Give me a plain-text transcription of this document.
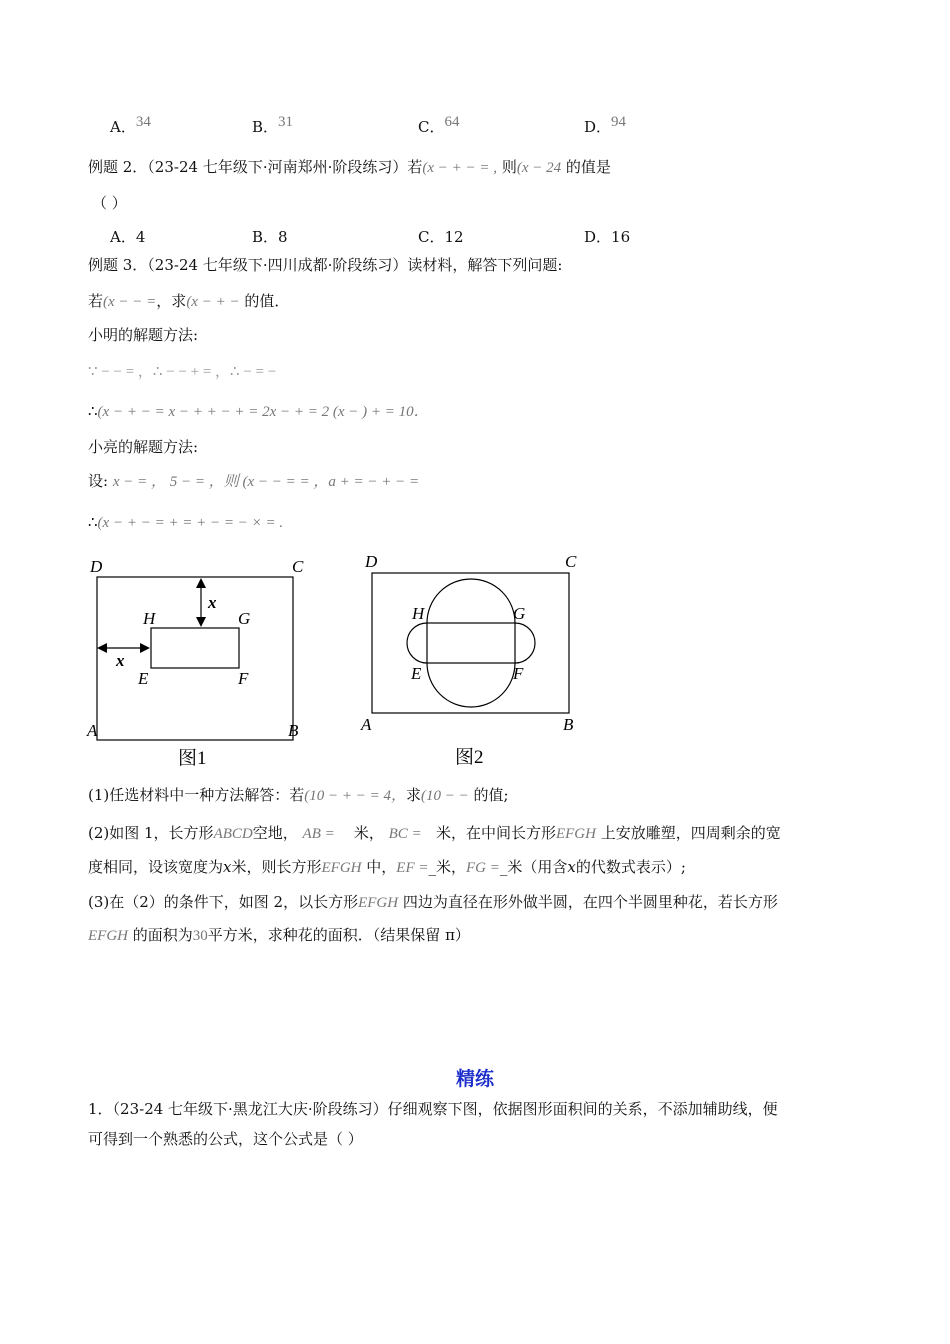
A．34	B．31	C．64	D．94
例题 2．（23-24 七年级下·河南郑州·阶段练习）若(x − + − = , 则(x − 24 的值是
（ ）
A．4	B．8	C．12	D．16
例题 3．（23-24 七年级下·四川成都·阶段练习）读材料，解答下列问题:
若(x − − =，求(x − + − 的值．
小明的解题方法:
∵ − − = ，∴ − − + = ，∴ − = −
∴(x − + − = x − + + − + = 2x − + = 2 (x − ) + = 10．
小亮的解题方法:
设: x − = ， 5 − = ，则 (x − − = = ，a + = − + − =
∴(x − + − = + = + − = − × = .
D	C
A	B
H	G
E	F
x
x
图1
D	C
A	B
H	G
E	F
图2
(1)任选材料中一种方法解答：若(10 − + − = 4，求(10 − − 的值;
(2)如图 1，长方形ABCD空地， AB = 米， BC = 米，在中间长方形EFGH 上安放雕塑，四周剩余的宽
度相同，设该宽度为x米，则长方形EFGH 中，EF =_米，FG =_米（用含x的代数式表示）;
(3)在（2）的条件下，如图 2，以长方形EFGH 四边为直径在形外做半圆，在四个半圆里种花，若长方形
EFGH 的面积为30平方米，求种花的面积．（结果保留 π）
精练
1．（23-24 七年级下·黑龙江大庆·阶段练习）仔细观察下图，依据图形面积间的关系，不添加辅助线，便
可得到一个熟悉的公式，这个公式是（ ）
